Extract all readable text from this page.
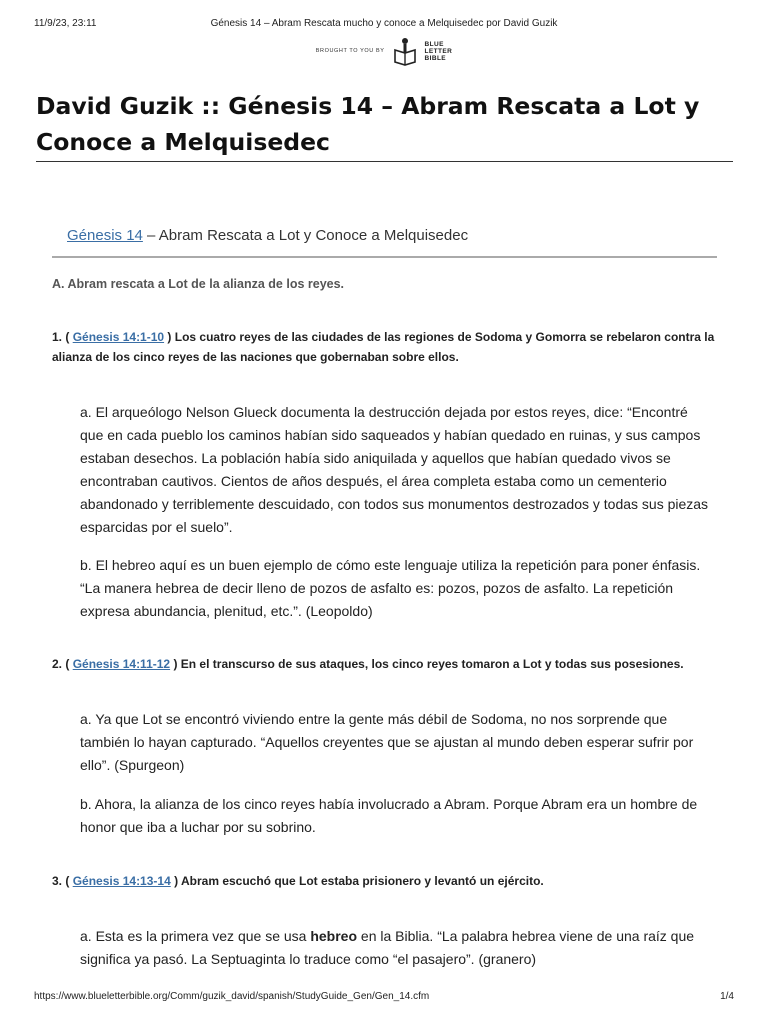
11/9/23, 23:11	Génesis 14 – Abram Rescata mucho y conoce a Melquisedec por David Guzik
BROUGHT TO YOU BY
BLUE
LETTER
BIBLE
David Guzik :: Génesis 14 – Abram Rescata a Lot y Conoce a Melquisedec

Génesis 14 – Abram Rescata a Lot y Conoce a Melquisedec

A. Abram rescata a Lot de la alianza de los reyes.

1. ( Génesis 14:1-10 ) Los cuatro reyes de las ciudades de las regiones de Sodoma y Gomorra se rebelaron contra la alianza de los cinco reyes de las naciones que gobernaban sobre ellos.

a. El arqueólogo Nelson Glueck documenta la destrucción dejada por estos reyes, dice: “Encontré que en cada pueblo los caminos habían sido saqueados y habían quedado en ruinas, y sus campos estaban desechos. La población había sido aniquilada y aquellos que habían quedado vivos se encontraban cautivos. Cientos de años después, el área completa estaba como un cementerio abandonado y terriblemente descuidado, con todos sus monumentos destrozados y todas sus piezas esparcidas por el suelo”.

b. El hebreo aquí es un buen ejemplo de cómo este lenguaje utiliza la repetición para poner énfasis. “La manera hebrea de decir lleno de pozos de asfalto es: pozos, pozos de asfalto. La repetición expresa abundancia, plenitud, etc.”. (Leopoldo)

2. ( Génesis 14:11-12 ) En el transcurso de sus ataques, los cinco reyes tomaron a Lot y todas sus posesiones.

a. Ya que Lot se encontró viviendo entre la gente más débil de Sodoma, no nos sorprende que también lo hayan capturado. “Aquellos creyentes que se ajustan al mundo deben esperar sufrir por ello”. (Spurgeon)

b. Ahora, la alianza de los cinco reyes había involucrado a Abram. Porque Abram era un hombre de honor que iba a luchar por su sobrino.

3. ( Génesis 14:13-14 ) Abram escuchó que Lot estaba prisionero y levantó un ejército.

a. Esta es la primera vez que se usa hebreo en la Biblia. “La palabra hebrea viene de una raíz que significa ya pasó. La Septuaginta lo traduce como “el pasajero”. (granero)

https://www.blueletterbible.org/Comm/guzik_david/spanish/StudyGuide_Gen/Gen_14.cfm	1/4
